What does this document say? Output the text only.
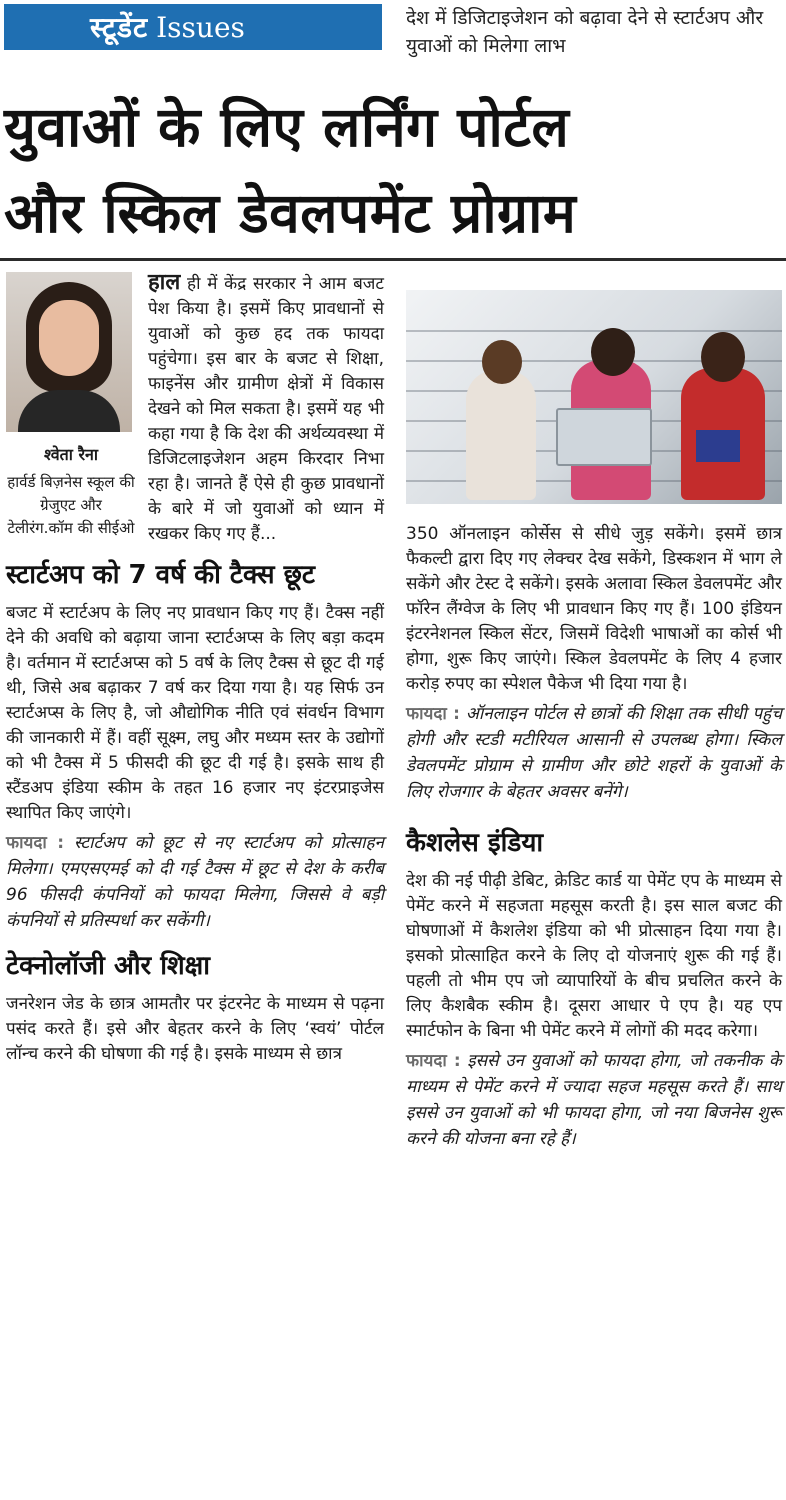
स्टूडेंट Issues	देश में डिजिटाइजेशन को बढ़ावा देने से स्टार्टअप और युवाओं को मिलेगा लाभ
युवाओं के लिए लर्निंग पोर्टल
और स्किल डेवलपमेंट प्रोग्राम

हाल
श्वेता रैना
हार्वर्ड बिज़नेस स्कूल की ग्रेजुएट और टेलीरंग.कॉम की सीईओ
ही में केंद्र सरकार ने आम बजट पेश किया है। इसमें किए प्रावधानों से युवाओं को कुछ हद तक फायदा पहुंचेगा। इस बार के बजट से शिक्षा, फाइनेंस और ग्रामीण क्षेत्रों में विकास देखने को मिल सकता है। इसमें यह भी कहा गया है कि देश की अर्थव्यवस्था में डिजिटलाइजेशन अहम किरदार निभा रहा है। जानते हैं ऐसे ही कुछ प्रावधानों के बारे में जो युवाओं को ध्यान में रखकर किए गए हैं...

स्टार्टअप को 7 वर्ष की टैक्स छूट

बजट में स्टार्टअप के लिए नए प्रावधान किए गए हैं। टैक्स नहीं देने की अवधि को बढ़ाया जाना स्टार्टअप्स के लिए बड़ा कदम है। वर्तमान में स्टार्टअप्स को 5 वर्ष के लिए टैक्स से छूट दी गई थी, जिसे अब बढ़ाकर 7 वर्ष कर दिया गया है। यह सिर्फ उन स्टार्टअप्स के लिए है, जो औद्योगिक नीति एवं संवर्धन विभाग की जानकारी में हैं। वहीं सूक्ष्म, लघु और मध्यम स्तर के उद्योगों को भी टैक्स में 5 फीसदी की छूट दी गई है। इसके साथ ही स्टैंडअप इंडिया स्कीम के तहत 16 हजार नए इंटरप्राइजेस स्थापित किए जाएंगे।

फायदा : स्टार्टअप को छूट से नए स्टार्टअप को प्रोत्साहन मिलेगा। एमएसएमई को दी गई टैक्स में छूट से देश के करीब 96 फीसदी कंपनियों को फायदा मिलेगा, जिससे वे बड़ी कंपनियों से प्रतिस्पर्धा कर सकेंगी।

टेक्नोलॉजी और शिक्षा

जनरेशन जेड के छात्र आमतौर पर इंटरनेट के माध्यम से पढ़ना पसंद करते हैं। इसे और बेहतर करने के लिए ‘स्वयं’ पोर्टल लॉन्च करने की घोषणा की गई है। इसके माध्यम से छात्र

350 ऑनलाइन कोर्सेस से सीधे जुड़ सकेंगे। इसमें छात्र फैकल्टी द्वारा दिए गए लेक्चर देख सकेंगे, डिस्कशन में भाग ले सकेंगे और टेस्ट दे सकेंगे। इसके अलावा स्किल डेवलपमेंट और फॉरेन लैंग्वेज के लिए भी प्रावधान किए गए हैं। 100 इंडियन इंटरनेशनल स्किल सेंटर, जिसमें विदेशी भाषाओं का कोर्स भी होगा, शुरू किए जाएंगे। स्किल डेवलपमेंट के लिए 4 हजार करोड़ रुपए का स्पेशल पैकेज भी दिया गया है।

फायदा : ऑनलाइन पोर्टल से छात्रों की शिक्षा तक सीधी पहुंच होगी और स्टडी मटीरियल आसानी से उपलब्ध होगा। स्किल डेवलपमेंट प्रोग्राम से ग्रामीण और छोटे शहरों के युवाओं के लिए रोजगार के बेहतर अवसर बनेंगे।

कैशलेस इंडिया

देश की नई पीढ़ी डेबिट, क्रेडिट कार्ड या पेमेंट एप के माध्यम से पेमेंट करने में सहजता महसूस करती है। इस साल बजट की घोषणाओं में कैशलेश इंडिया को भी प्रोत्साहन दिया गया है। इसको प्रोत्साहित करने के लिए दो योजनाएं शुरू की गई हैं। पहली तो भीम एप जो व्यापारियों के बीच प्रचलित करने के लिए कैशबैक स्कीम है। दूसरा आधार पे एप है। यह एप स्मार्टफोन के बिना भी पेमेंट करने में लोगों की मदद करेगा।

फायदा : इससे उन युवाओं को फायदा होगा, जो तकनीक के माध्यम से पेमेंट करने में ज्यादा सहज महसूस करते हैं। साथ इससे उन युवाओं को भी फायदा होगा, जो नया बिजनेस शुरू करने की योजना बना रहे हैं।
